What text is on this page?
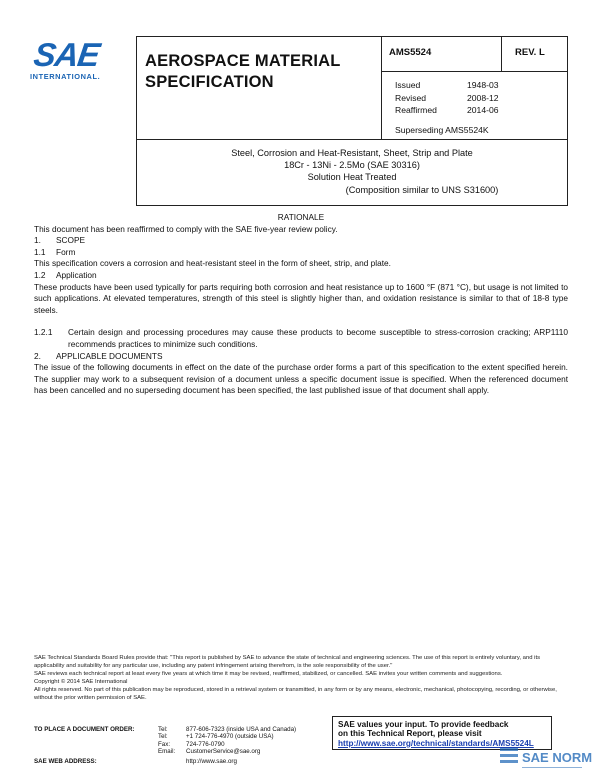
SAE
INTERNATIONAL.
AEROSPACE MATERIAL
SPECIFICATION
AMS5524	REV. L
Issued	1948-03
Revised	2008-12
Reaffirmed	2014-06
Superseding AMS5524K
Steel, Corrosion and Heat-Resistant, Sheet, Strip and Plate
18Cr - 13Ni - 2.5Mo (SAE 30316)
Solution Heat Treated
(Composition similar to UNS S31600)

RATIONALE

This document has been reaffirmed to comply with the SAE five-year review policy.

1. SCOPE

1.1 Form

This specification covers a corrosion and heat-resistant steel in the form of sheet, strip, and plate.

1.2 Application

These products have been used typically for parts requiring both corrosion and heat resistance up to 1600 °F (871 °C), but usage is not limited to such applications. At elevated temperatures, strength of this steel is slightly higher than, and oxidation resistance is similar to that of 18-8 type steels.

1.2.1	Certain design and processing procedures may cause these products to become susceptible to stress-corrosion cracking; ARP1110 recommends practices to minimize such conditions.

2. APPLICABLE DOCUMENTS

The issue of the following documents in effect on the date of the purchase order forms a part of this specification to the extent specified herein. The supplier may work to a subsequent revision of a document unless a specific document issue is specified. When the referenced document has been cancelled and no superseding document has been specified, the last published issue of that document shall apply.

SAE Technical Standards Board Rules provide that: "This report is published by SAE to advance the state of technical and engineering sciences. The use of this report is entirely voluntary, and its applicability and suitability for any particular use, including any patent infringement arising therefrom, is the sole responsibility of the user."

SAE reviews each technical report at least every five years at which time it may be revised, reaffirmed, stabilized, or cancelled. SAE invites your written comments and suggestions.

Copyright © 2014 SAE International

All rights reserved. No part of this publication may be reproduced, stored in a retrieval system or transmitted, in any form or by any means, electronic, mechanical, photocopying, recording, or otherwise, without the prior written permission of SAE.

TO PLACE A DOCUMENT ORDER:	Tel:	877-606-7323 (inside USA and Canada)
Tel:	+1 724-776-4970 (outside USA)
Fax:	724-776-0790
Email:	CustomerService@sae.org
SAE WEB ADDRESS:	http://www.sae.org
SAE values your input. To provide feedback
on this Technical Report, please visit
http://www.sae.org/technical/standards/AMS5524L
SAE NORM
